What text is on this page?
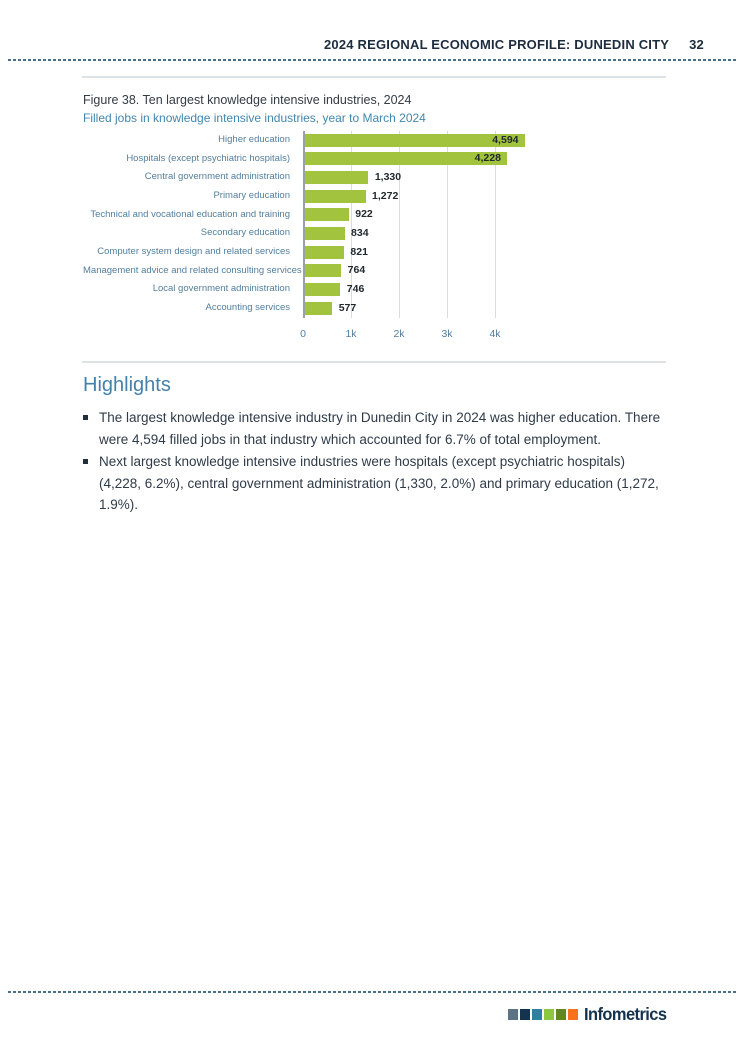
2024 REGIONAL ECONOMIC PROFILE: DUNEDIN CITY 32
Figure 38. Ten largest knowledge intensive industries, 2024
Filled jobs in knowledge intensive industries, year to March 2024
Higher education	4,594
Hospitals (except psychiatric hospitals)	4,228
Central government administration	1,330
Primary education	1,272
Technical and vocational education and training	922
Secondary education	834
Computer system design and related services	821
Management advice and related consulting services	764
Local government administration	746
Accounting services	577
0	1k	2k	3k	4k
Highlights
The largest knowledge intensive industry in Dunedin City in 2024 was higher education. There were 4,594 filled jobs in that industry which accounted for 6.7% of total employment.
Next largest knowledge intensive industries were hospitals (except psychiatric hospitals) (4,228, 6.2%), central government administration (1,330, 2.0%) and primary education (1,272, 1.9%).
Infometrics
